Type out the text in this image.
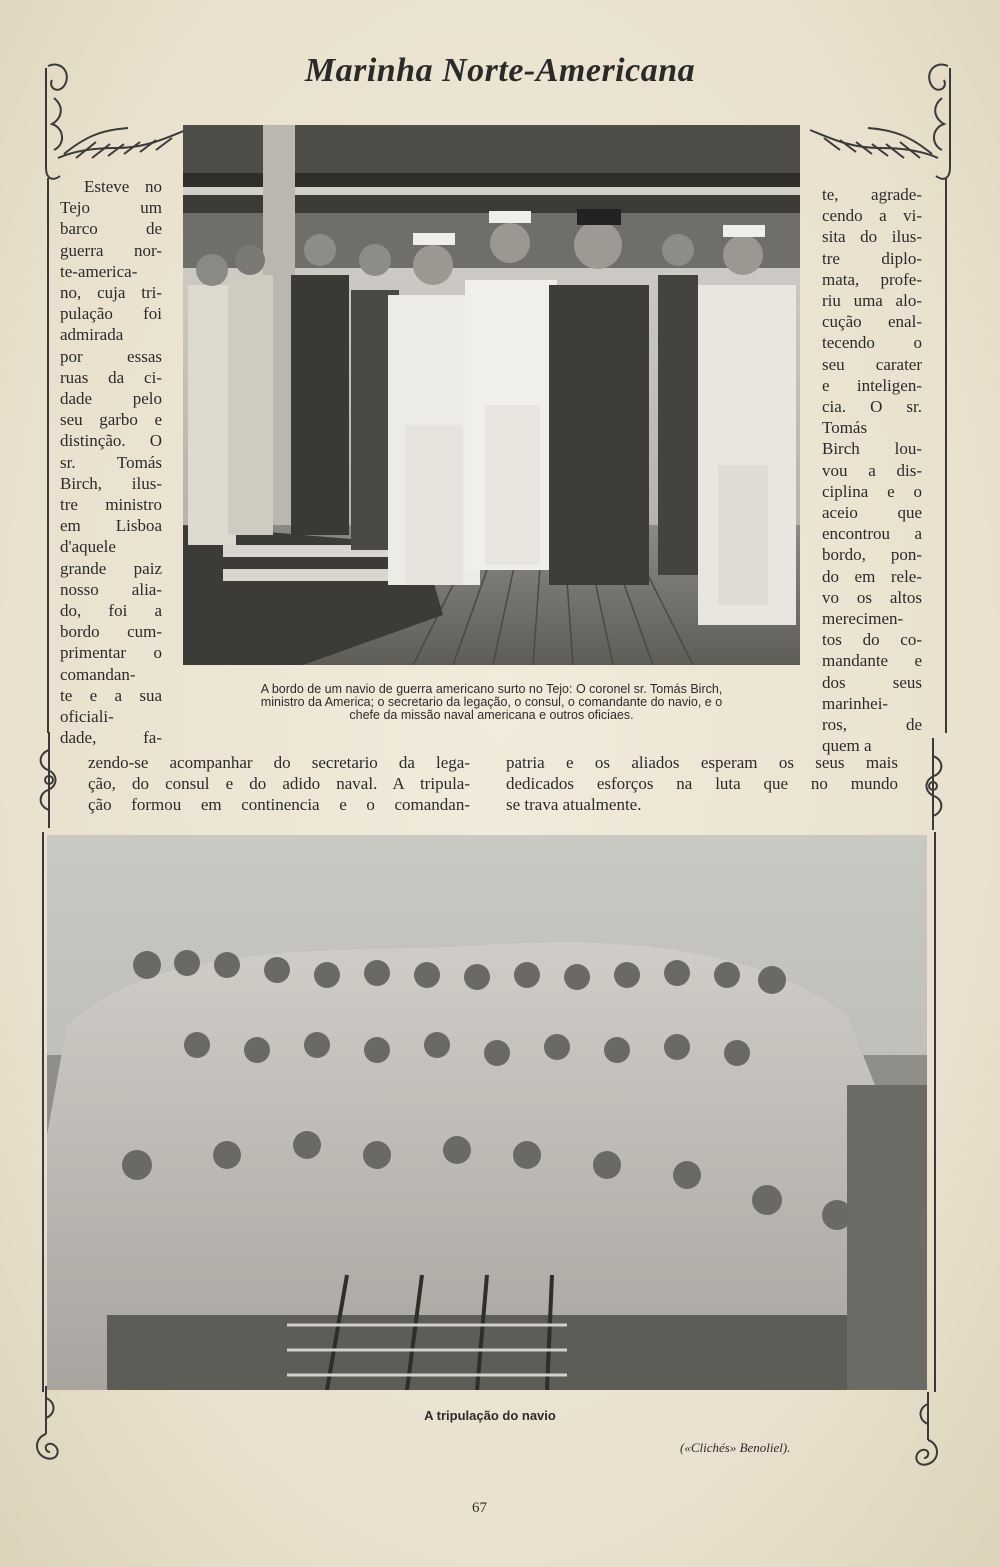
Marinha Norte-Americana
Esteve no
Tejo um
barco de
guerra nor-
te-america-
no, cuja tri-
pulação foi
admirada
por essas
ruas da ci-
dade pelo
seu garbo e
distinção. O
sr. Tomás
Birch, ilus-
tre ministro
em Lisboa
d'aquele
grande paiz
nosso alia-
do, foi a
bordo cum-
primentar o
comandan-
te e a sua
oficiali-
dade, fa-
te, agrade-
cendo a vi-
sita do ilus-
tre diplo-
mata, profe-
riu uma alo-
cução enal-
tecendo o
seu carater
e inteligen-
cia. O sr.
Tomás
Birch lou-
vou a dis-
ciplina e o
aceio que
encontrou a
bordo, pon-
do em rele-
vo os altos
merecimen-
tos do co-
mandante e
dos seus
marinhei-
ros, de
quem a
A bordo de um navio de guerra americano surto no Tejo: O coronel sr. Tomás Birch,
ministro da America; o secretario da legação, o consul, o comandante do navio, e o
chefe da missão naval americana e outros oficiaes.
zendo-se acompanhar do secretario da lega-
ção, do consul e do adido naval. A tripula-
ção formou em continencia e o comandan-
patria e os aliados esperam os seus mais
dedicados esforços na luta que no mundo
se trava atualmente.
A tripulação do navio
(«Clichés» Benoliel).
67
